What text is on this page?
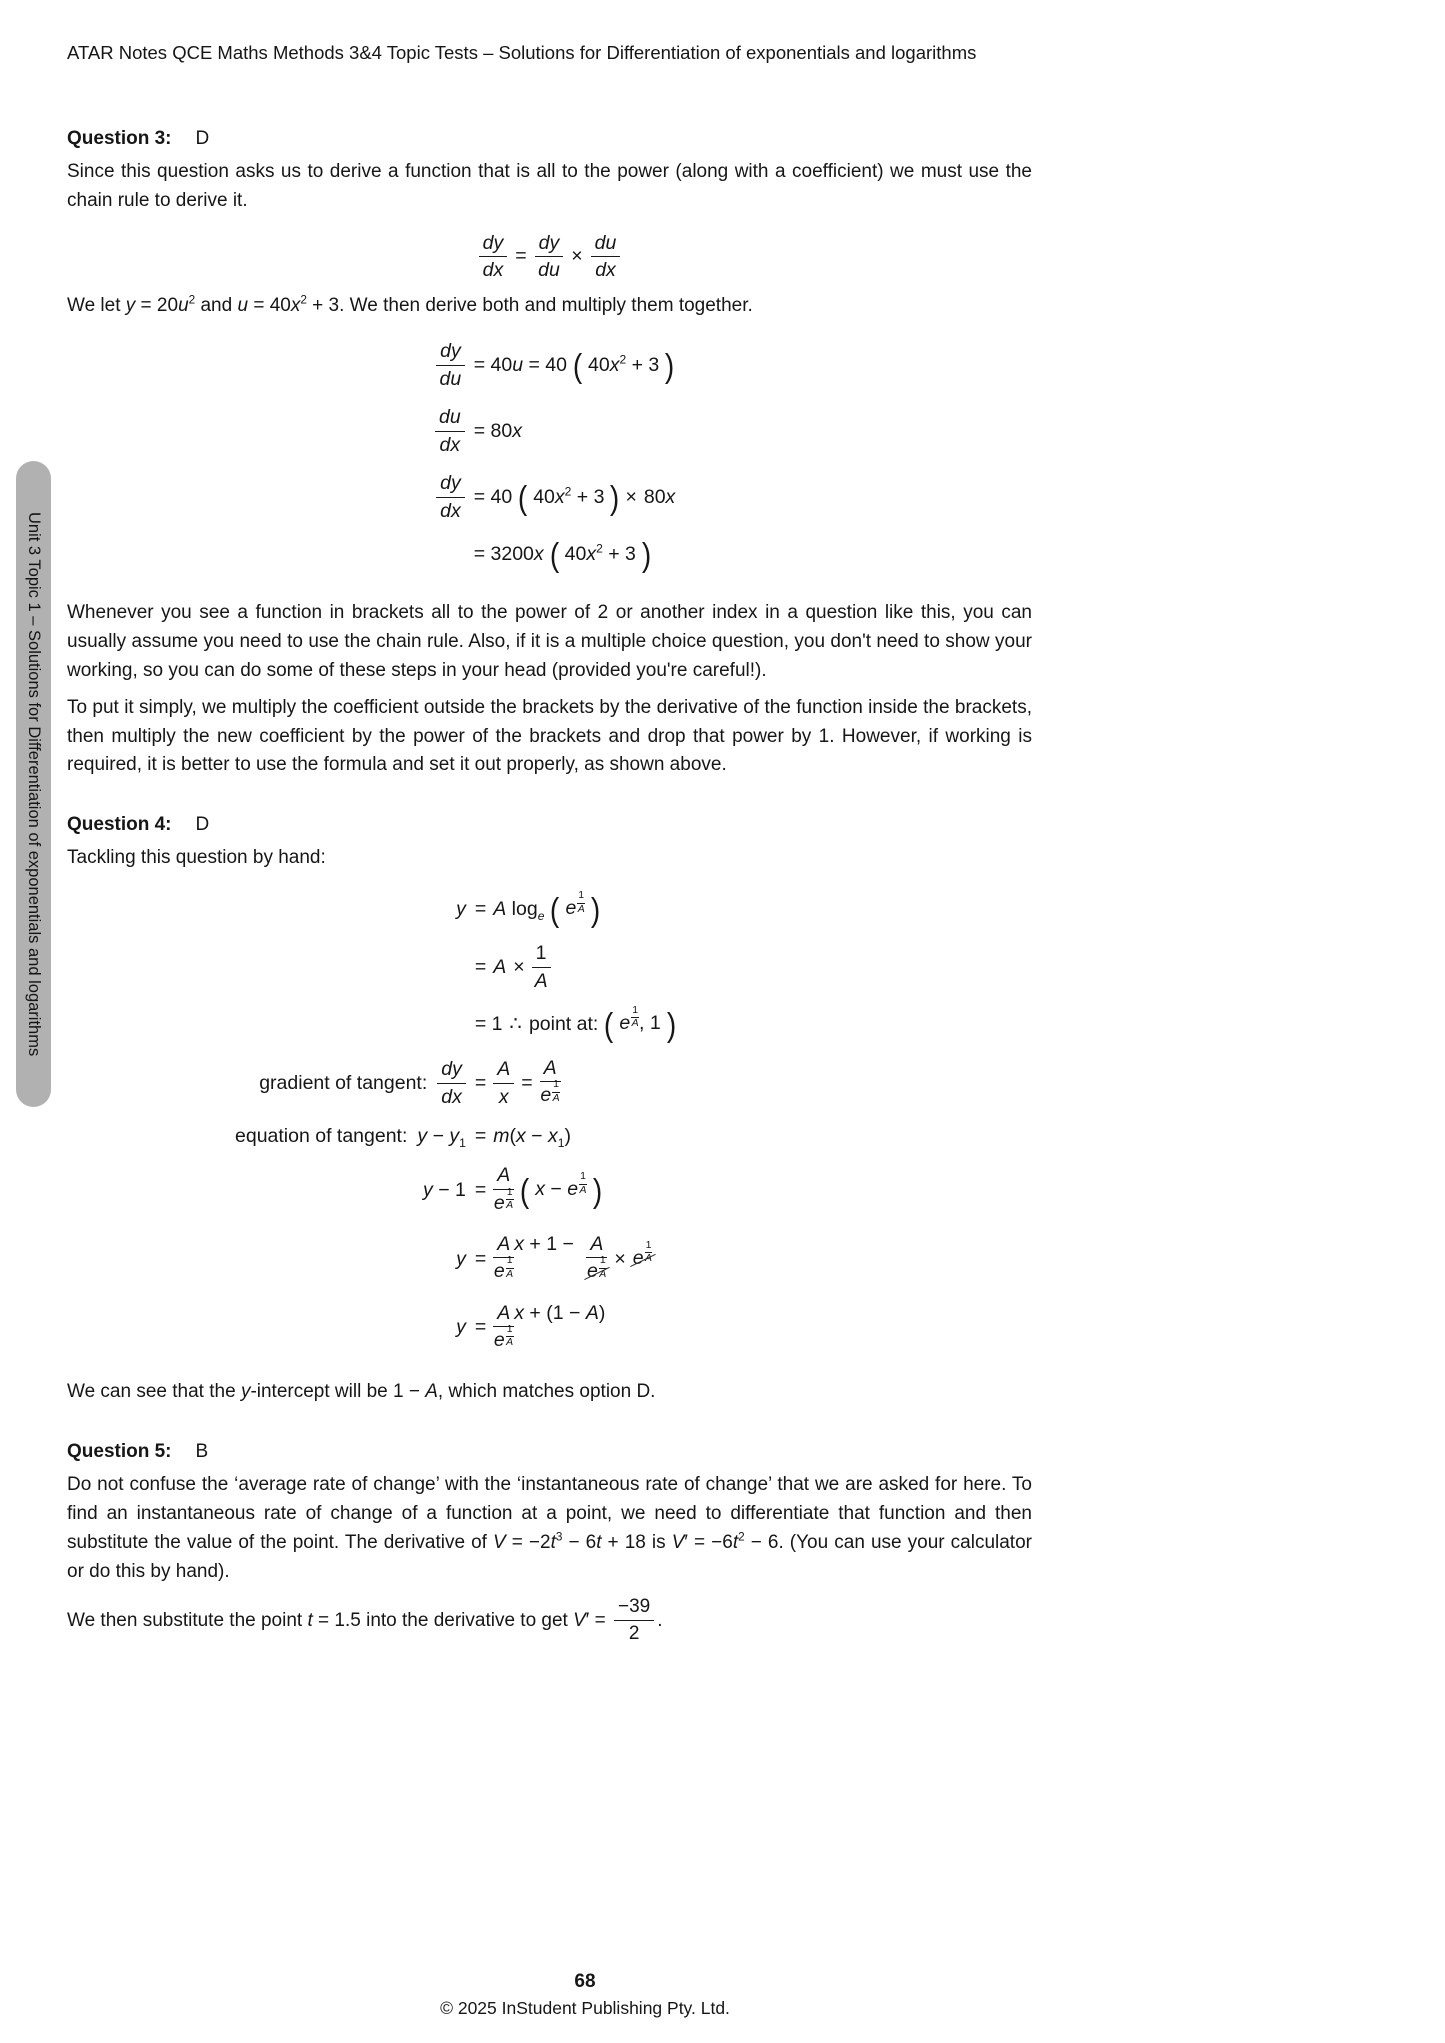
ATAR Notes QCE Maths Methods 3&4 Topic Tests – Solutions for Differentiation of exponentials and logarithms
Unit 3 Topic 1 – Solutions for Differentiation of exponentials and logarithms
Question 3: D

Since this question asks us to derive a function that is all to the power (along with a coefficient) we must use the chain rule to derive it.

$\frac{dy}{dx} = \frac{dy}{du} \times \frac{du}{dx}$

We let $y = 20u^2$ and $u = 40x^2 + 3$. We then derive both and multiply them together.

$\frac{dy}{du} = 40u = 40$ ( $40x^2 + 3$ )
$\frac{du}{dx} = 80x$
$\frac{dy}{dx} = 40$ ( $40x^2 + 3$ ) × 80x
= 3200x ( $40x^2 + 3$ )

Whenever you see a function in brackets all to the power of 2 or another index in a question like this, you can usually assume you need to use the chain rule. Also, if it is a multiple choice question, you don't need to show your working, so you can do some of these steps in your head (provided you're careful!).

To put it simply, we multiply the coefficient outside the brackets by the derivative of the function inside the brackets, then multiply the new coefficient by the power of the brackets and drop that power by 1. However, if working is required, it is better to use the formula and set it out properly, as shown above.

Question 4: D

Tackling this question by hand:

y = A $\log_e$ ( e $\frac{1}{A}$ )
= $A \times \frac{1}{A}$
= 1 ∴ point at: ( e $\frac{1}{A}$ , 1 )
gradient of tangent: $\frac{dy}{dx} = \frac{A}{x} = \frac{A}{e \frac{1}{A}}$
equation of tangent: $y - y_1 = m(x - x_1)$
$y - 1 = \frac{A}{e \frac{1}{A}}$ ( x − e $\frac{1}{A}$ )
$y = \frac{A}{e \frac{1}{A}}$ $x + 1 - \frac{A}{e \frac{1}{A}} \times e \frac{1}{A}$
$y = \frac{A}{e \frac{1}{A}}$ x + (1 − A)

We can see that the y-intercept will be 1 − A, which matches option D.

Question 5: B

Do not confuse the ‘average rate of change’ with the ‘instantaneous rate of change’ that we are asked for here. To find an instantaneous rate of change of a function at a point, we need to differentiate that function and then substitute the value of the point. The derivative of $V = -2t^3 - 6t + 18$ is $V' = -6t^2 - 6$. (You can use your calculator or do this by hand).

We then substitute the point t = 1.5 into the derivative to get $V' = \frac{-39}{2}$ .
68
© 2025 InStudent Publishing Pty. Ltd.
